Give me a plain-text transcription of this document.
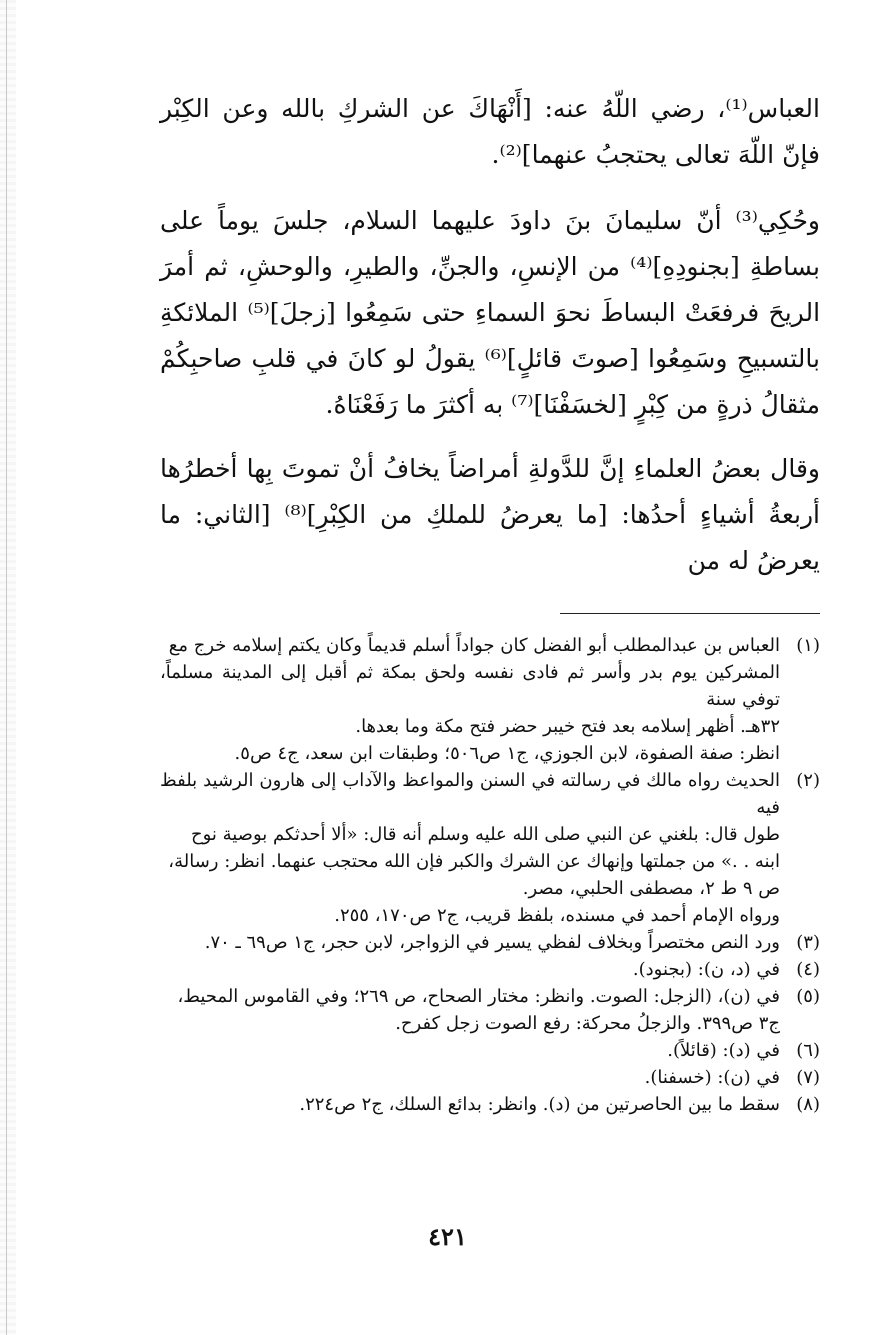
العباس⁽¹⁾، رضي اللّهُ عنه: [أَنْهَاكَ عن الشركِ بالله وعن الكِبْر فإنّ اللّهَ تعالى يحتجبُ عنهما]⁽²⁾.

وحُكِي⁽³⁾ أنّ سليمانَ بنَ داودَ عليهما السلام، جلسَ يوماً على بساطةِ [بجنودِهِ]⁽⁴⁾ من الإنسِ، والجنِّ، والطيرِ، والوحشِ، ثم أمرَ الريحَ فرفعَتْ البساطَ نحوَ السماءِ حتى سَمِعُوا [زجلَ]⁽⁵⁾ الملائكةِ بالتسبيحِ وسَمِعُوا [صوتَ قائلٍ]⁽⁶⁾ يقولُ لو كانَ في قلبِ صاحبِكُمْ مثقالُ ذرةٍ من كِبْرٍ [لخسَفْنَا]⁽⁷⁾ به أكثرَ ما رَفَعْنَاهُ.

وقال بعضُ العلماءِ إنَّ للدَّولةِ أمراضاً يخافُ أنْ تموتَ بِها أخطرُها أربعةُ أشياءٍ أحدُها: [ما يعرضُ للملكِ من الكِبْرِ]⁽⁸⁾ [الثاني: ما يعرضُ له من

(١)
العباس بن عبدالمطلب أبو الفضل كان جواداً أسلم قديماً وكان يكتم إسلامه خرج مع
المشركين يوم بدر وأسر ثم فادى نفسه ولحق بمكة ثم أقبل إلى المدينة مسلماً، توفي سنة
٣٢هـ. أظهر إسلامه بعد فتح خيبر حضر فتح مكة وما بعدها.
انظر: صفة الصفوة، لابن الجوزي، ج١ ص٥٠٦؛ وطبقات ابن سعد، ج٤ ص٥.
(٢)
الحديث رواه مالك في رسالته في السنن والمواعظ والآداب إلى هارون الرشيد بلفظ فيه
طول قال: بلغني عن النبي صلى الله عليه وسلم أنه قال: «ألا أحدثكم بوصية نوح
ابنه . .» من جملتها وإنهاك عن الشرك والكبر فإن الله محتجب عنهما. انظر: رسالة،
ص ٩ ط ٢، مصطفى الحلبي، مصر.
ورواه الإمام أحمد في مسنده، بلفظ قريب، ج٢ ص١٧٠، ٢٥٥.
(٣)
ورد النص مختصراً وبخلاف لفظي يسير في الزواجر، لابن حجر، ج١ ص٦٩ ـ ٧٠.
(٤)
في (د، ن): (بجنود).
(٥)
في (ن)، (الزجل: الصوت. وانظر: مختار الصحاح، ص ٢٦٩؛ وفي القاموس المحيط،
ج٣ ص٣٩٩. والزجلُ محركة: رفع الصوت زجل كفرح.
(٦)
في (د): (قائلاً).
(٧)
في (ن): (خسفنا).
(٨)
سقط ما بين الحاصرتين من (د). وانظر: بدائع السلك، ج٢ ص٢٢٤.
٤٢١
